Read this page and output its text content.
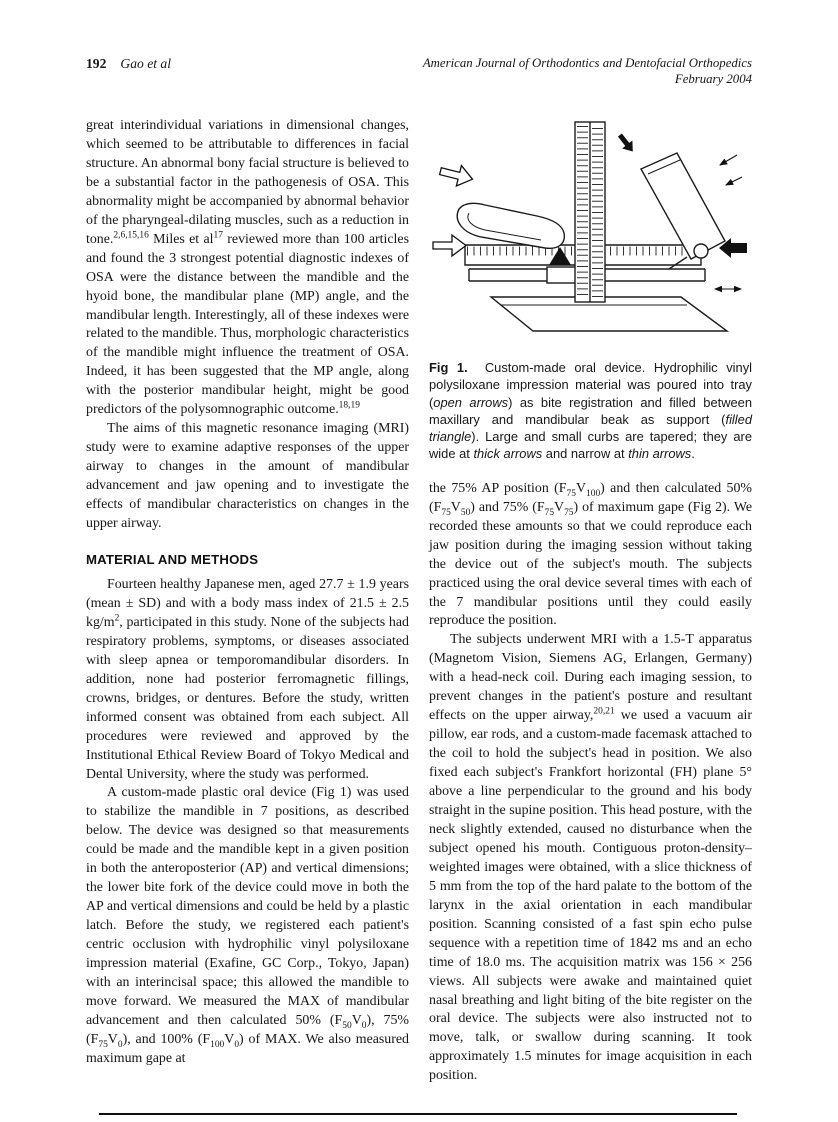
192 Gao et al	American Journal of Orthodontics and Dentofacial Orthopedics
February 2004

great interindividual variations in dimensional changes, which seemed to be attributable to differences in facial structure. An abnormal bony facial structure is believed to be a substantial factor in the pathogenesis of OSA. This abnormality might be accompanied by abnormal behavior of the pharyngeal-dilating muscles, such as a reduction in tone.$^{2,6,15,16}$ Miles et $al^{17}$ reviewed more than 100 articles and found the 3 strongest potential diagnostic indexes of OSA were the distance between the mandible and the hyoid bone, the mandibular plane (MP) angle, and the mandibular length. Interestingly, all of these indexes were related to the mandible. Thus, morphologic characteristics of the mandible might influence the treatment of OSA. Indeed, it has been suggested that the MP angle, along with the posterior mandibular height, might be good predictors of the polysomnographic outcome.$^{18,19}$

The aims of this magnetic resonance imaging (MRI) study were to examine adaptive responses of the upper airway to changes in the amount of mandibular advancement and jaw opening and to investigate the effects of mandibular characteristics on changes in the upper airway.

MATERIAL AND METHODS

Fourteen healthy Japanese men, aged 27.7 ± 1.9 years (mean ± SD) and with a body mass index of 21.5 ± 2.5 $kg/m^2$, participated in this study. None of the subjects had respiratory problems, symptoms, or diseases associated with sleep apnea or temporomandibular disorders. In addition, none had posterior ferromagnetic fillings, crowns, bridges, or dentures. Before the study, written informed consent was obtained from each subject. All procedures were reviewed and approved by the Institutional Ethical Review Board of Tokyo Medical and Dental University, where the study was performed.

A custom-made plastic oral device (Fig 1) was used to stabilize the mandible in 7 positions, as described below. The device was designed so that measurements could be made and the mandible kept in a given position in both the anteroposterior (AP) and vertical dimensions; the lower bite fork of the device could move in both the AP and vertical dimensions and could be held by a plastic latch. Before the study, we registered each patient's centric occlusion with hydrophilic vinyl polysiloxane impression material (Exafine, GC Corp., Tokyo, Japan) with an interincisal space; this allowed the mandible to move forward. We measured the MAX of mandibular advancement and then calculated 50% $(F_{50}V_0)$, 75% $(F_{75}V_0)$, and 100% $(F_{100}V_0)$ of MAX. We also measured maximum gape at

Fig 1.  Custom-made oral device. Hydrophilic vinyl polysiloxane impression material was poured into tray (open arrows) as bite registration and filled between maxillary and mandibular beak as support (filled triangle). Large and small curbs are tapered; they are wide at thick arrows and narrow at thin arrows.

the 75% AP position $(F_{75}V_{100})$ and then calculated 50% $(F_{75}V_{50})$ and 75% $(F_{75}V_{75})$ of maximum gape (Fig 2). We recorded these amounts so that we could reproduce each jaw position during the imaging session without taking the device out of the subject's mouth. The subjects practiced using the oral device several times with each of the 7 mandibular positions until they could easily reproduce the position.

The subjects underwent MRI with a 1.5-T apparatus (Magnetom Vision, Siemens AG, Erlangen, Germany) with a head-neck coil. During each imaging session, to prevent changes in the patient's posture and resultant effects on the upper airway,$^{20,21}$ we used a vacuum air pillow, ear rods, and a custom-made facemask attached to the coil to hold the subject's head in position. We also fixed each subject's Frankfort horizontal (FH) plane 5° above a line perpendicular to the ground and his body straight in the supine position. This head posture, with the neck slightly extended, caused no disturbance when the subject opened his mouth. Contiguous proton-density–weighted images were obtained, with a slice thickness of 5 mm from the top of the hard palate to the bottom of the larynx in the axial orientation in each mandibular position. Scanning consisted of a fast spin echo pulse sequence with a repetition time of 1842 ms and an echo time of 18.0 ms. The acquisition matrix was 156 × 256 views. All subjects were awake and maintained quiet nasal breathing and light biting of the bite register on the oral device. The subjects were also instructed not to move, talk, or swallow during scanning. It took approximately 1.5 minutes for image acquisition in each position.
